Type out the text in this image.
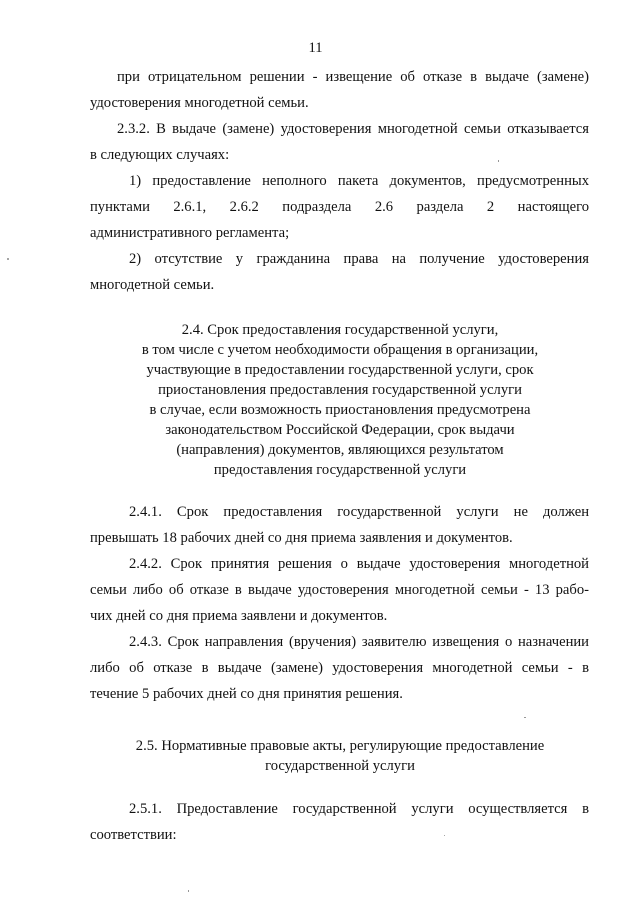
11
при отрицательном решении - извещение об отказе в выдаче (замене)
удостоверения многодетной семьи.
2.3.2. В выдаче (замене) удостоверения многодетной семьи отказывается
в следующих случаях:
1) предоставление неполного пакета документов, предусмотренных
пунктами 2.6.1, 2.6.2 подраздела 2.6 раздела 2 настоящего
административного регламента;
2) отсутствие у гражданина права на получение удостоверения
многодетной семьи.
2.4. Срок предоставления государственной услуги,
в том числе с учетом необходимости обращения в организации,
участвующие в предоставлении государственной услуги, срок
приостановления предоставления государственной услуги
в случае, если возможность приостановления предусмотрена
законодательством Российской Федерации, срок выдачи
(направления) документов, являющихся результатом
предоставления государственной услуги
2.4.1. Срок предоставления государственной услуги не должен
превышать 18 рабочих дней со дня приема заявления и документов.
2.4.2. Срок принятия решения о выдаче удостоверения многодетной
семьи либо об отказе в выдаче удостоверения многодетной семьи - 13 рабо-
чих дней со дня приема заявлени и документов.
2.4.3. Срок направления (вручения) заявителю извещения о назначении
либо об отказе в выдаче (замене) удостоверения многодетной семьи - в
течение 5 рабочих дней со дня принятия решения.
2.5. Нормативные правовые акты, регулирующие предоставление
государственной услуги
2.5.1. Предоставление государственной услуги осуществляется в
соответствии:
